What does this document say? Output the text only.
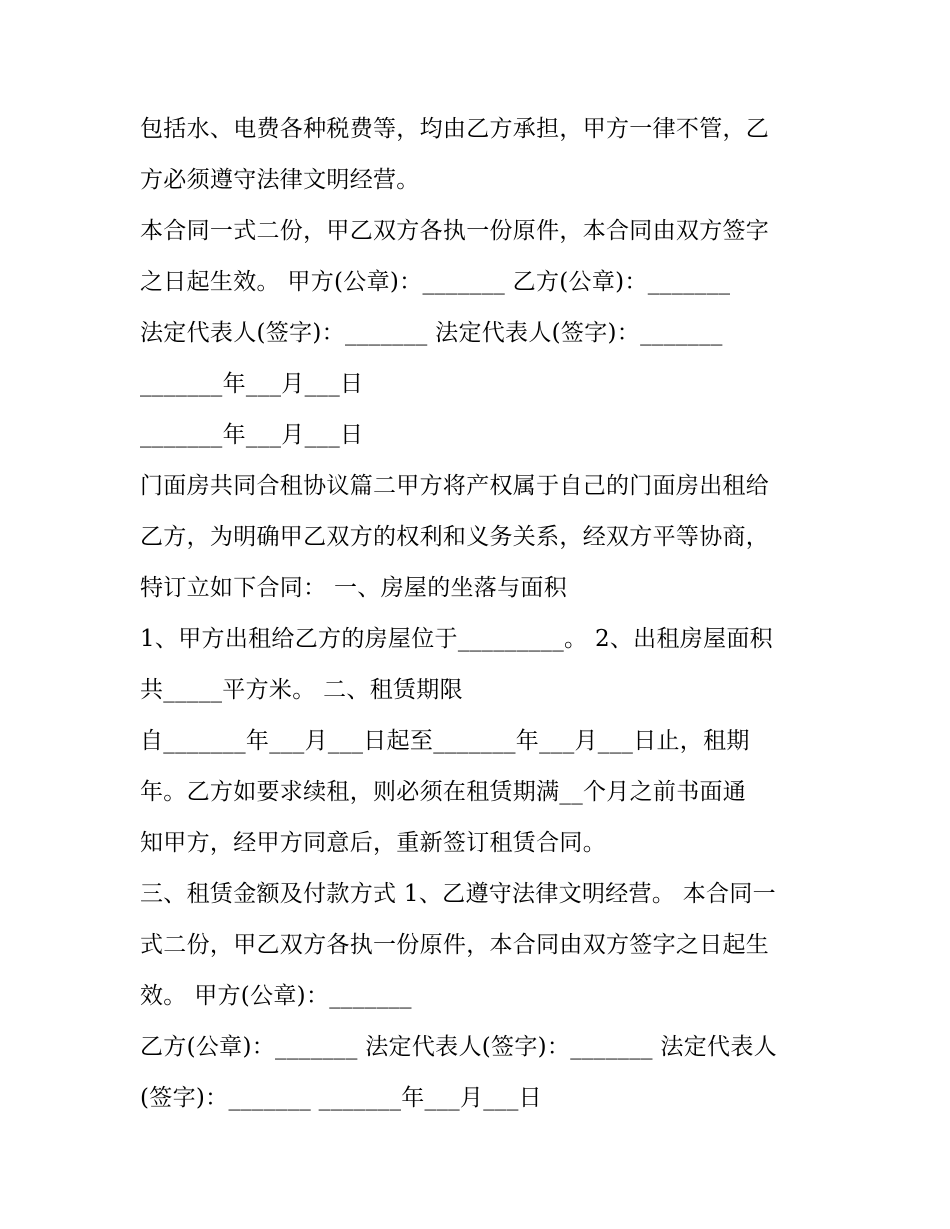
包括水、电费各种税费等，均由乙方承担，甲方一律不管，乙
方必须遵守法律文明经营。
本合同一式二份，甲乙双方各执一份原件，本合同由双方签字
之日起生效。 甲方(公章)：_______ 乙方(公章)：_______
法定代表人(签字)：_______ 法定代表人(签字)：_______
_______年___月___日
_______年___月___日
门面房共同合租协议篇二甲方将产权属于自己的门面房出租给
乙方，为明确甲乙双方的权利和义务关系，经双方平等协商，
特订立如下合同： 一、房屋的坐落与面积
1、甲方出租给乙方的房屋位于_________。 2、出租房屋面积
共_____平方米。 二、租赁期限
自_______年___月___日起至_______年___月___日止，租期
年。乙方如要求续租，则必须在租赁期满__个月之前书面通
知甲方，经甲方同意后，重新签订租赁合同。
三、租赁金额及付款方式 1、乙遵守法律文明经营。 本合同一
式二份，甲乙双方各执一份原件，本合同由双方签字之日起生
效。 甲方(公章)：_______
乙方(公章)：_______ 法定代表人(签字)：_______ 法定代表人
(签字)：_______ _______年___月___日
